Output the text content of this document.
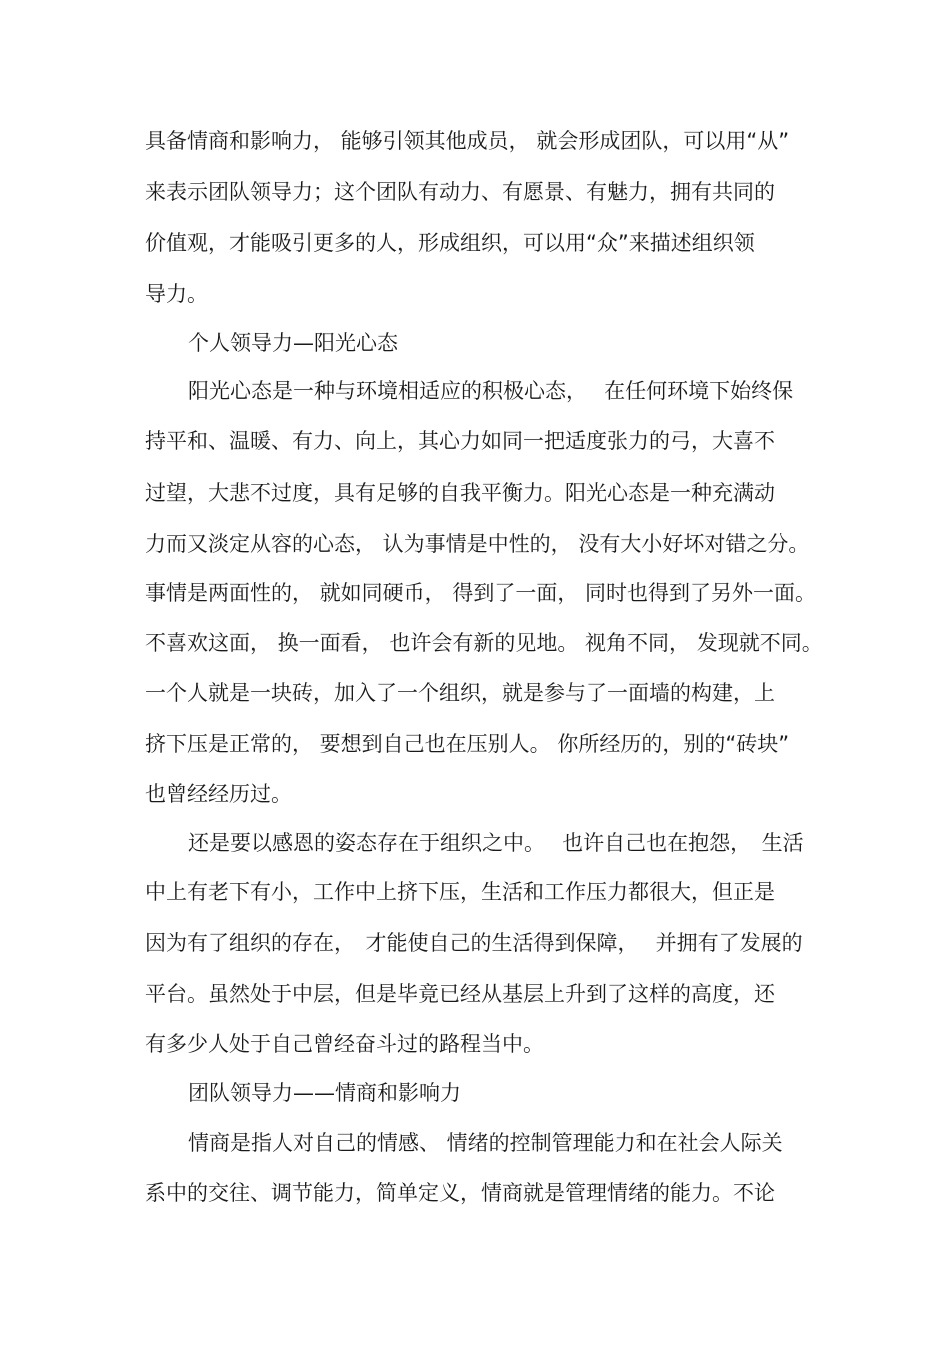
具备情商和影响力， 能够引领其他成员， 就会形成团队，可以用“从”
来表示团队领导力；这个团队有动力、有愿景、有魅力，拥有共同的
价值观，才能吸引更多的人，形成组织，可以用“众”来描述组织领
导力。
个人领导力—阳光心态
阳光心态是一种与环境相适应的积极心态，　 在任何环境下始终保
持平和、温暖、有力、向上，其心力如同一把适度张力的弓，大喜不
过望，大悲不过度，具有足够的自我平衡力。阳光心态是一种充满动
力而又淡定从容的心态， 认为事情是中性的， 没有大小好坏对错之分。
事情是两面性的， 就如同硬币， 得到了一面， 同时也得到了另外一面。
不喜欢这面， 换一面看， 也许会有新的见地。 视角不同， 发现就不同。
一个人就是一块砖，加入了一个组织，就是参与了一面墙的构建，上
挤下压是正常的， 要想到自己也在压别人。 你所经历的，别的“砖块”
也曾经经历过。
还是要以感恩的姿态存在于组织之中。　 也许自己也在抱怨，　生活
中上有老下有小，工作中上挤下压，生活和工作压力都很大，但正是
因为有了组织的存在，　才能使自己的生活得到保障，　 并拥有了发展的
平台。虽然处于中层，但是毕竟已经从基层上升到了这样的高度，还
有多少人处于自己曾经奋斗过的路程当中。
团队领导力——情商和影响力
情商是指人对自己的情感、 情绪的控制管理能力和在社会人际关
系中的交往、调节能力，简单定义，情商就是管理情绪的能力。不论
